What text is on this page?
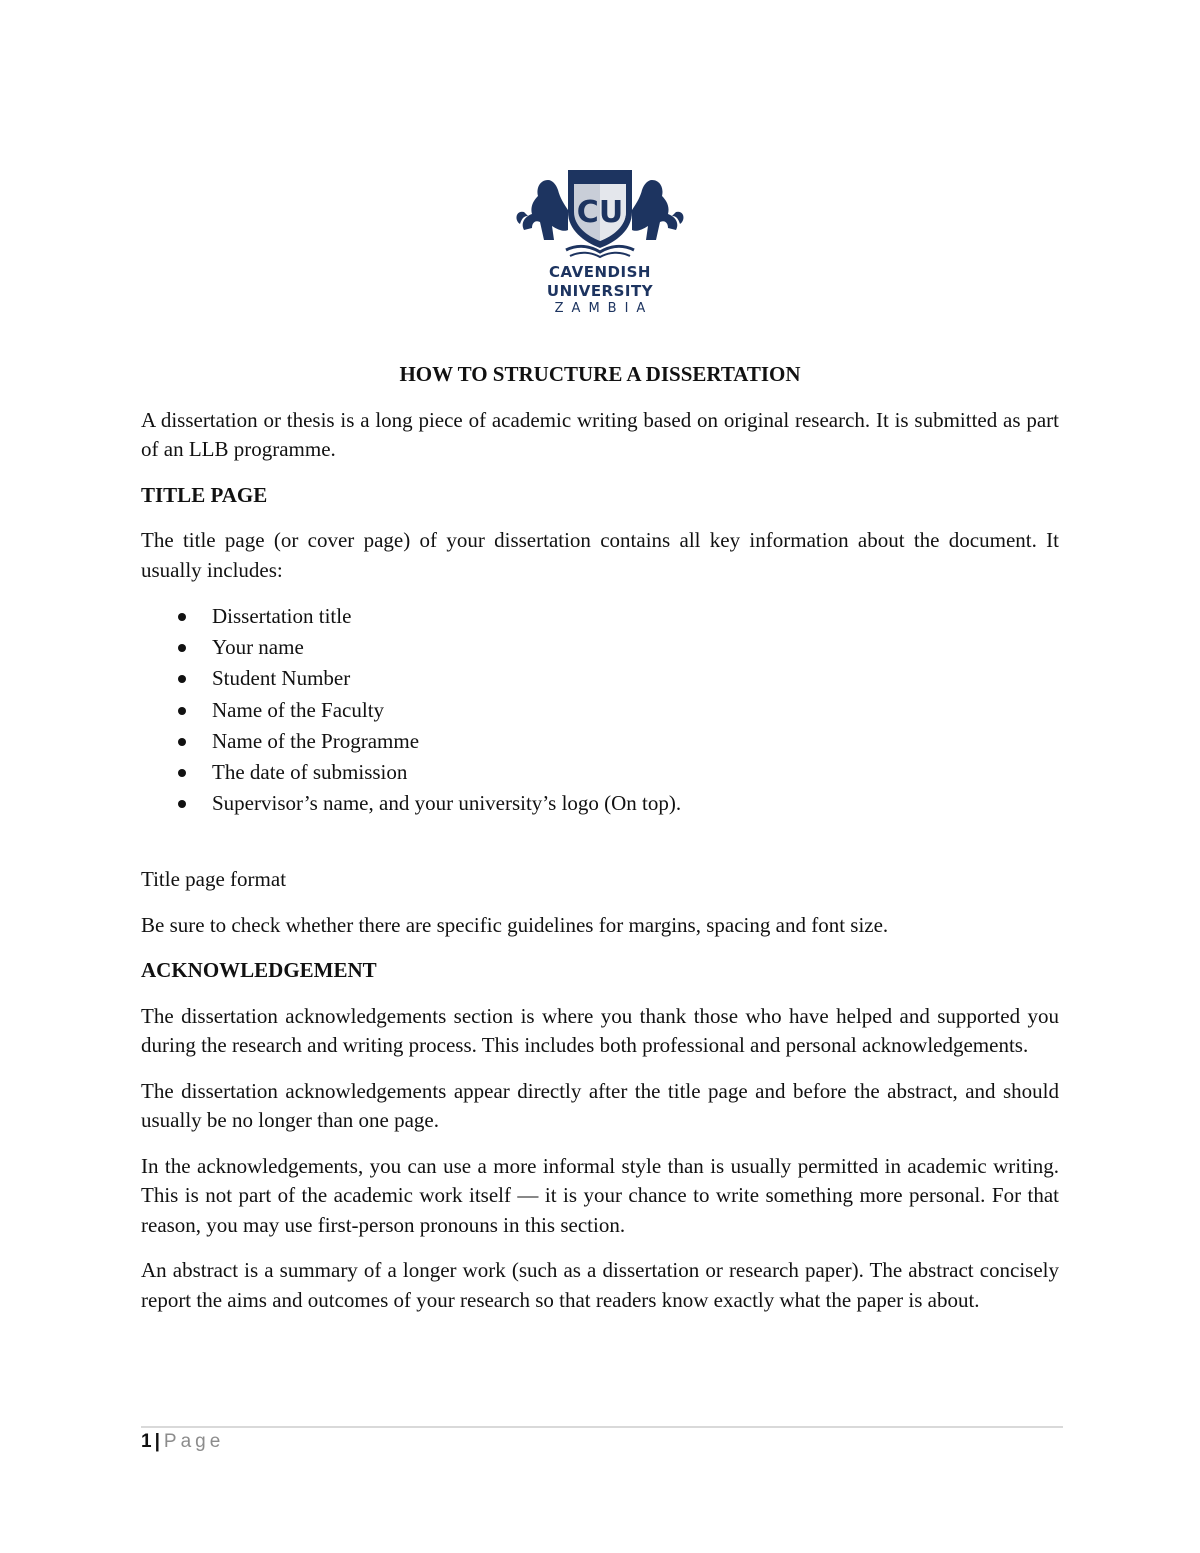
CU
CAVENDISH
UNIVERSITY
ZAMBIA
HOW TO STRUCTURE A DISSERTATION

A dissertation or thesis is a long piece of academic writing based on original research. It is submitted as part of an LLB programme.

TITLE PAGE

The title page (or cover page) of your dissertation contains all key information about the document. It usually includes:

Dissertation title
Your name
Student Number
Name of the Faculty
Name of the Programme
The date of submission
Supervisor’s name, and your university’s logo (On top).

Title page format

Be sure to check whether there are specific guidelines for margins, spacing and font size.

ACKNOWLEDGEMENT

The dissertation acknowledgements section is where you thank those who have helped and supported you during the research and writing process. This includes both professional and personal acknowledgements.

The dissertation acknowledgements appear directly after the title page and before the abstract, and should usually be no longer than one page.

In the acknowledgements, you can use a more informal style than is usually permitted in academic writing. This is not part of the academic work itself — it is your chance to write something more personal. For that reason, you may use first-person pronouns in this section.

An abstract is a summary of a longer work (such as a dissertation or research paper). The abstract concisely report the aims and outcomes of your research so that readers know exactly what the paper is about.

1 | Page
